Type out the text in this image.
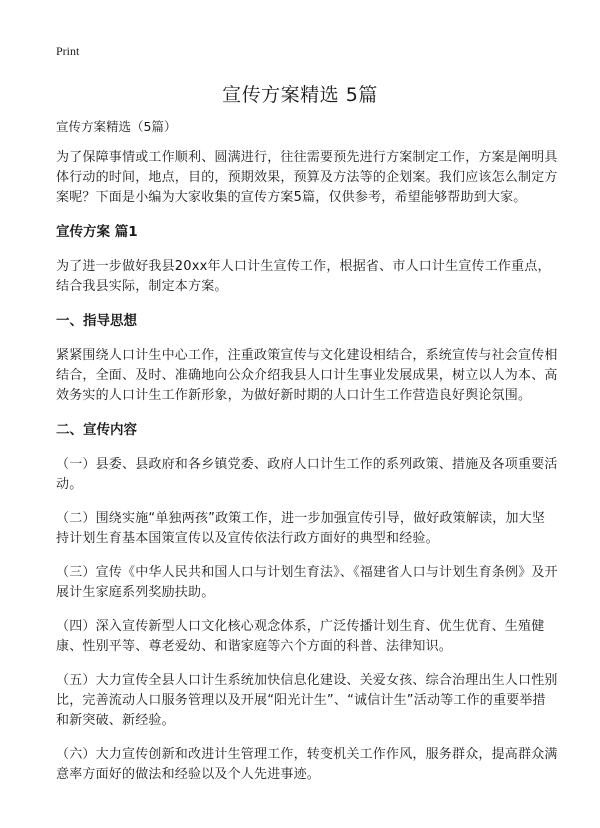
Print
宣传方案精选 5篇
宣传方案精选（5篇）

为了保障事情或工作顺利、圆满进行，往往需要预先进行方案制定工作，方案是阐明具体行动的时间，地点，目的，预期效果，预算及方法等的企划案。我们应该怎么制定方案呢？下面是小编为大家收集的宣传方案5篇，仅供参考，希望能够帮助到大家。

宣传方案 篇1

为了进一步做好我县20xx年人口计生宣传工作，根据省、市人口计生宣传工作重点，结合我县实际，制定本方案。

一、指导思想

紧紧围绕人口计生中心工作，注重政策宣传与文化建设相结合，系统宣传与社会宣传相结合，全面、及时、准确地向公众介绍我县人口计生事业发展成果，树立以人为本、高效务实的人口计生工作新形象，为做好新时期的人口计生工作营造良好舆论氛围。

二、宣传内容

（一）县委、县政府和各乡镇党委、政府人口计生工作的系列政策、措施及各项重要活动。

（二）围绕实施“单独两孩”政策工作，进一步加强宣传引导，做好政策解读，加大坚持计划生育基本国策宣传以及宣传依法行政方面好的典型和经验。

（三）宣传《中华人民共和国人口与计划生育法》、《福建省人口与计划生育条例》及开展计生家庭系列奖励扶助。

（四）深入宣传新型人口文化核心观念体系，广泛传播计划生育、优生优育、生殖健康、性别平等、尊老爱幼、和谐家庭等六个方面的科普、法律知识。

（五）大力宣传全县人口计生系统加快信息化建设、关爱女孩、综合治理出生人口性别比，完善流动人口服务管理以及开展“阳光计生”、“诚信计生”活动等工作的重要举措和新突破、新经验。

（六）大力宣传创新和改进计生管理工作，转变机关工作作风，服务群众，提高群众满意率方面好的做法和经验以及个人先进事迹。
